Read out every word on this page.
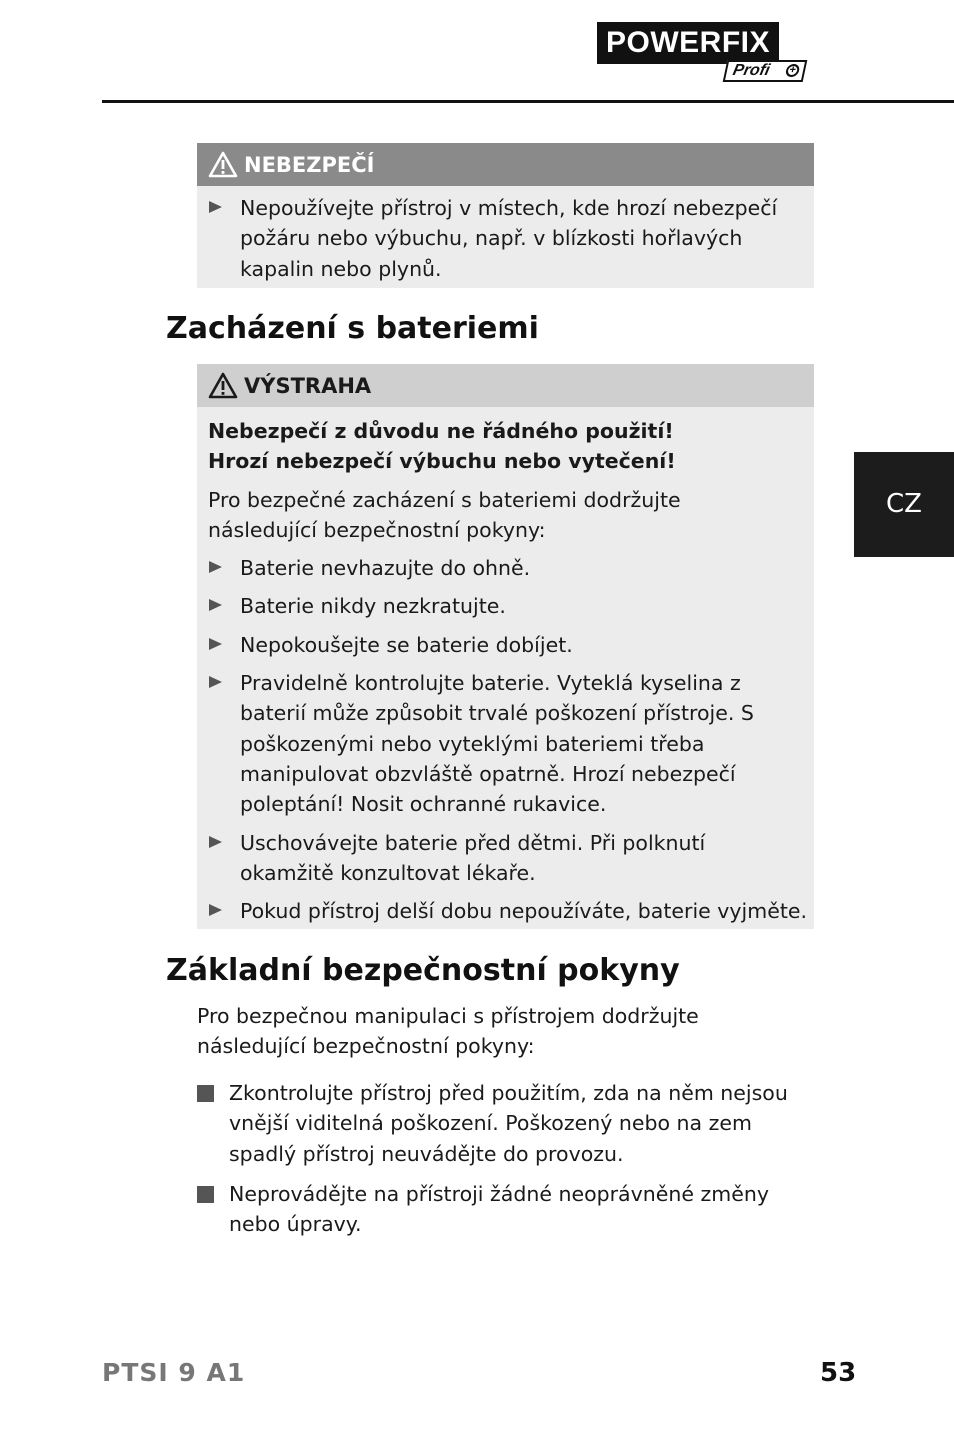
POWERFIX ®
Profi	+
NEBEZPEČÍ
Nepoužívejte přístroj v místech, kde hrozí nebezpečí požáru nebo výbuchu, např. v blízkosti hořlavých kapalin nebo plynů.
Zacházení s bateriemi
VÝSTRAHA
Nebezpečí z důvodu ne řádného použití!
Hrozí nebezpečí výbuchu nebo vytečení!
Pro bezpečné zacházení s bateriemi dodržujte následující bezpečnostní pokyny:
Baterie nevhazujte do ohně.
Baterie nikdy nezkratujte.
Nepokoušejte se baterie dobíjet.
Pravidelně kontrolujte baterie. Vyteklá kyselina z baterií může způsobit trvalé poškození přístroje. S poškozenými nebo vyteklými bateriemi třeba manipulovat obzvláště opatrně. Hrozí nebezpečí poleptání! Nosit ochranné rukavice.
Uschovávejte baterie před dětmi. Při polknutí okamžitě konzultovat lékaře.
Pokud přístroj delší dobu nepoužíváte, baterie vyjměte.
Základní bezpečnostní pokyny
Pro bezpečnou manipulaci s přístrojem dodržujte následující bezpečnostní pokyny:
Zkontrolujte přístroj před použitím, zda na něm nejsou vnější viditelná poškození. Poškozený nebo na zem spadlý přístroj neuvádějte do provozu.
Neprovádějte na přístroji žádné neoprávněné změny nebo úpravy.
CZ
PTSI 9 A1	53
